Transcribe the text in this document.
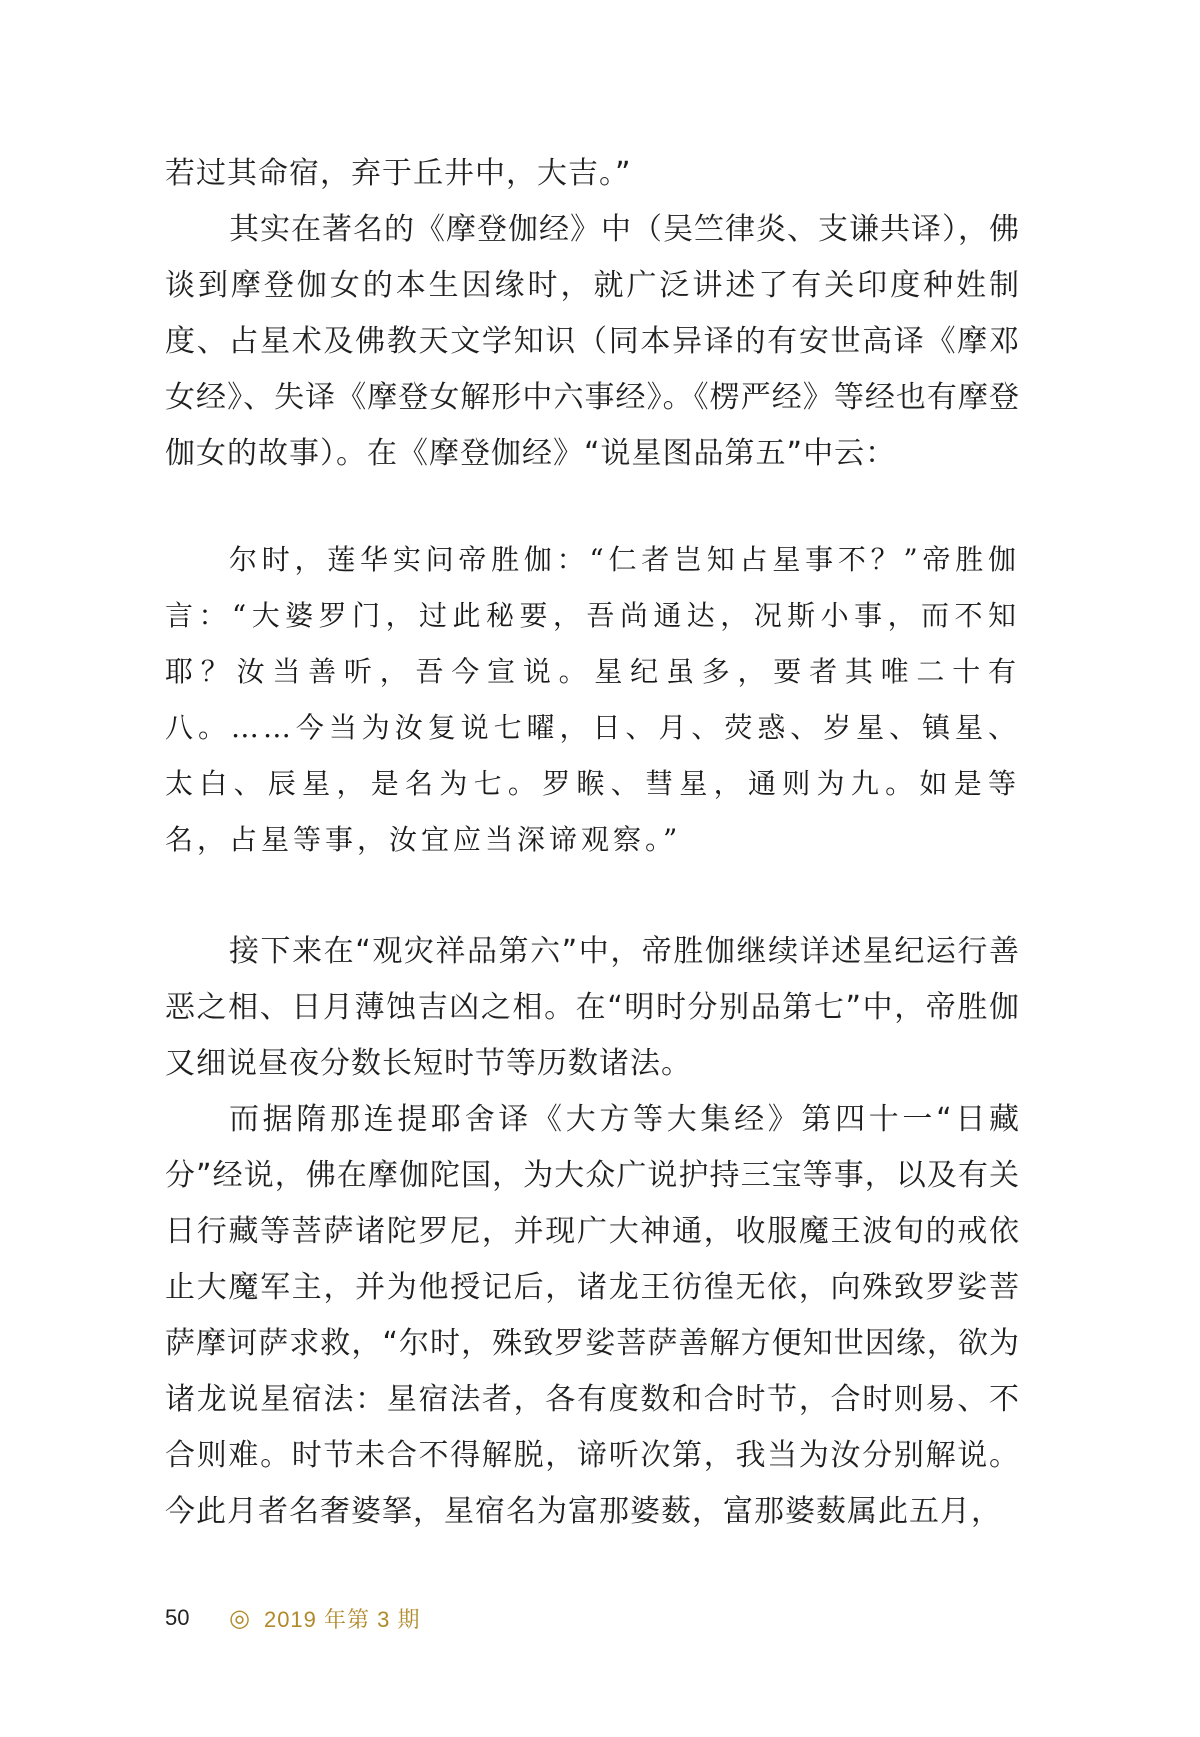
若过其命宿，弃于丘井中，大吉。”

其实在著名的《摩登伽经》中（吴竺律炎、支谦共译），佛谈到摩登伽女的本生因缘时，就广泛讲述了有关印度种姓制度、占星术及佛教天文学知识（同本异译的有安世高译《摩邓女经》、失译《摩登女解形中六事经》。《楞严经》等经也有摩登伽女的故事）。在《摩登伽经》“说星图品第五”中云：

尔时，莲华实问帝胜伽：“仁者岂知占星事不？”帝胜伽言：“大婆罗门，过此秘要，吾尚通达，况斯小事，而不知耶？汝当善听，吾今宣说。星纪虽多，要者其唯二十有八。……今当为汝复说七曜，日、月、荧惑、岁星、镇星、太白、辰星，是名为七。罗睺、彗星，通则为九。如是等名，占星等事，汝宜应当深谛观察。”

接下来在“观灾祥品第六”中，帝胜伽继续详述星纪运行善恶之相、日月薄蚀吉凶之相。在“明时分别品第七”中，帝胜伽又细说昼夜分数长短时节等历数诸法。

而据隋那连提耶舍译《大方等大集经》第四十一“日藏分”经说，佛在摩伽陀国，为大众广说护持三宝等事，以及有关日行藏等菩萨诸陀罗尼，并现广大神通，收服魔王波旬的戒依止大魔军主，并为他授记后，诸龙王彷徨无依，向殊致罗娑菩萨摩诃萨求救，“尔时，殊致罗娑菩萨善解方便知世因缘，欲为诸龙说星宿法：星宿法者，各有度数和合时节，合时则易、不合则难。时节未合不得解脱，谛听次第，我当为汝分别解说。今此月者名奢婆拏，星宿名为富那婆薮，富那婆薮属此五月，

50	◎ 2019 年第 3 期
